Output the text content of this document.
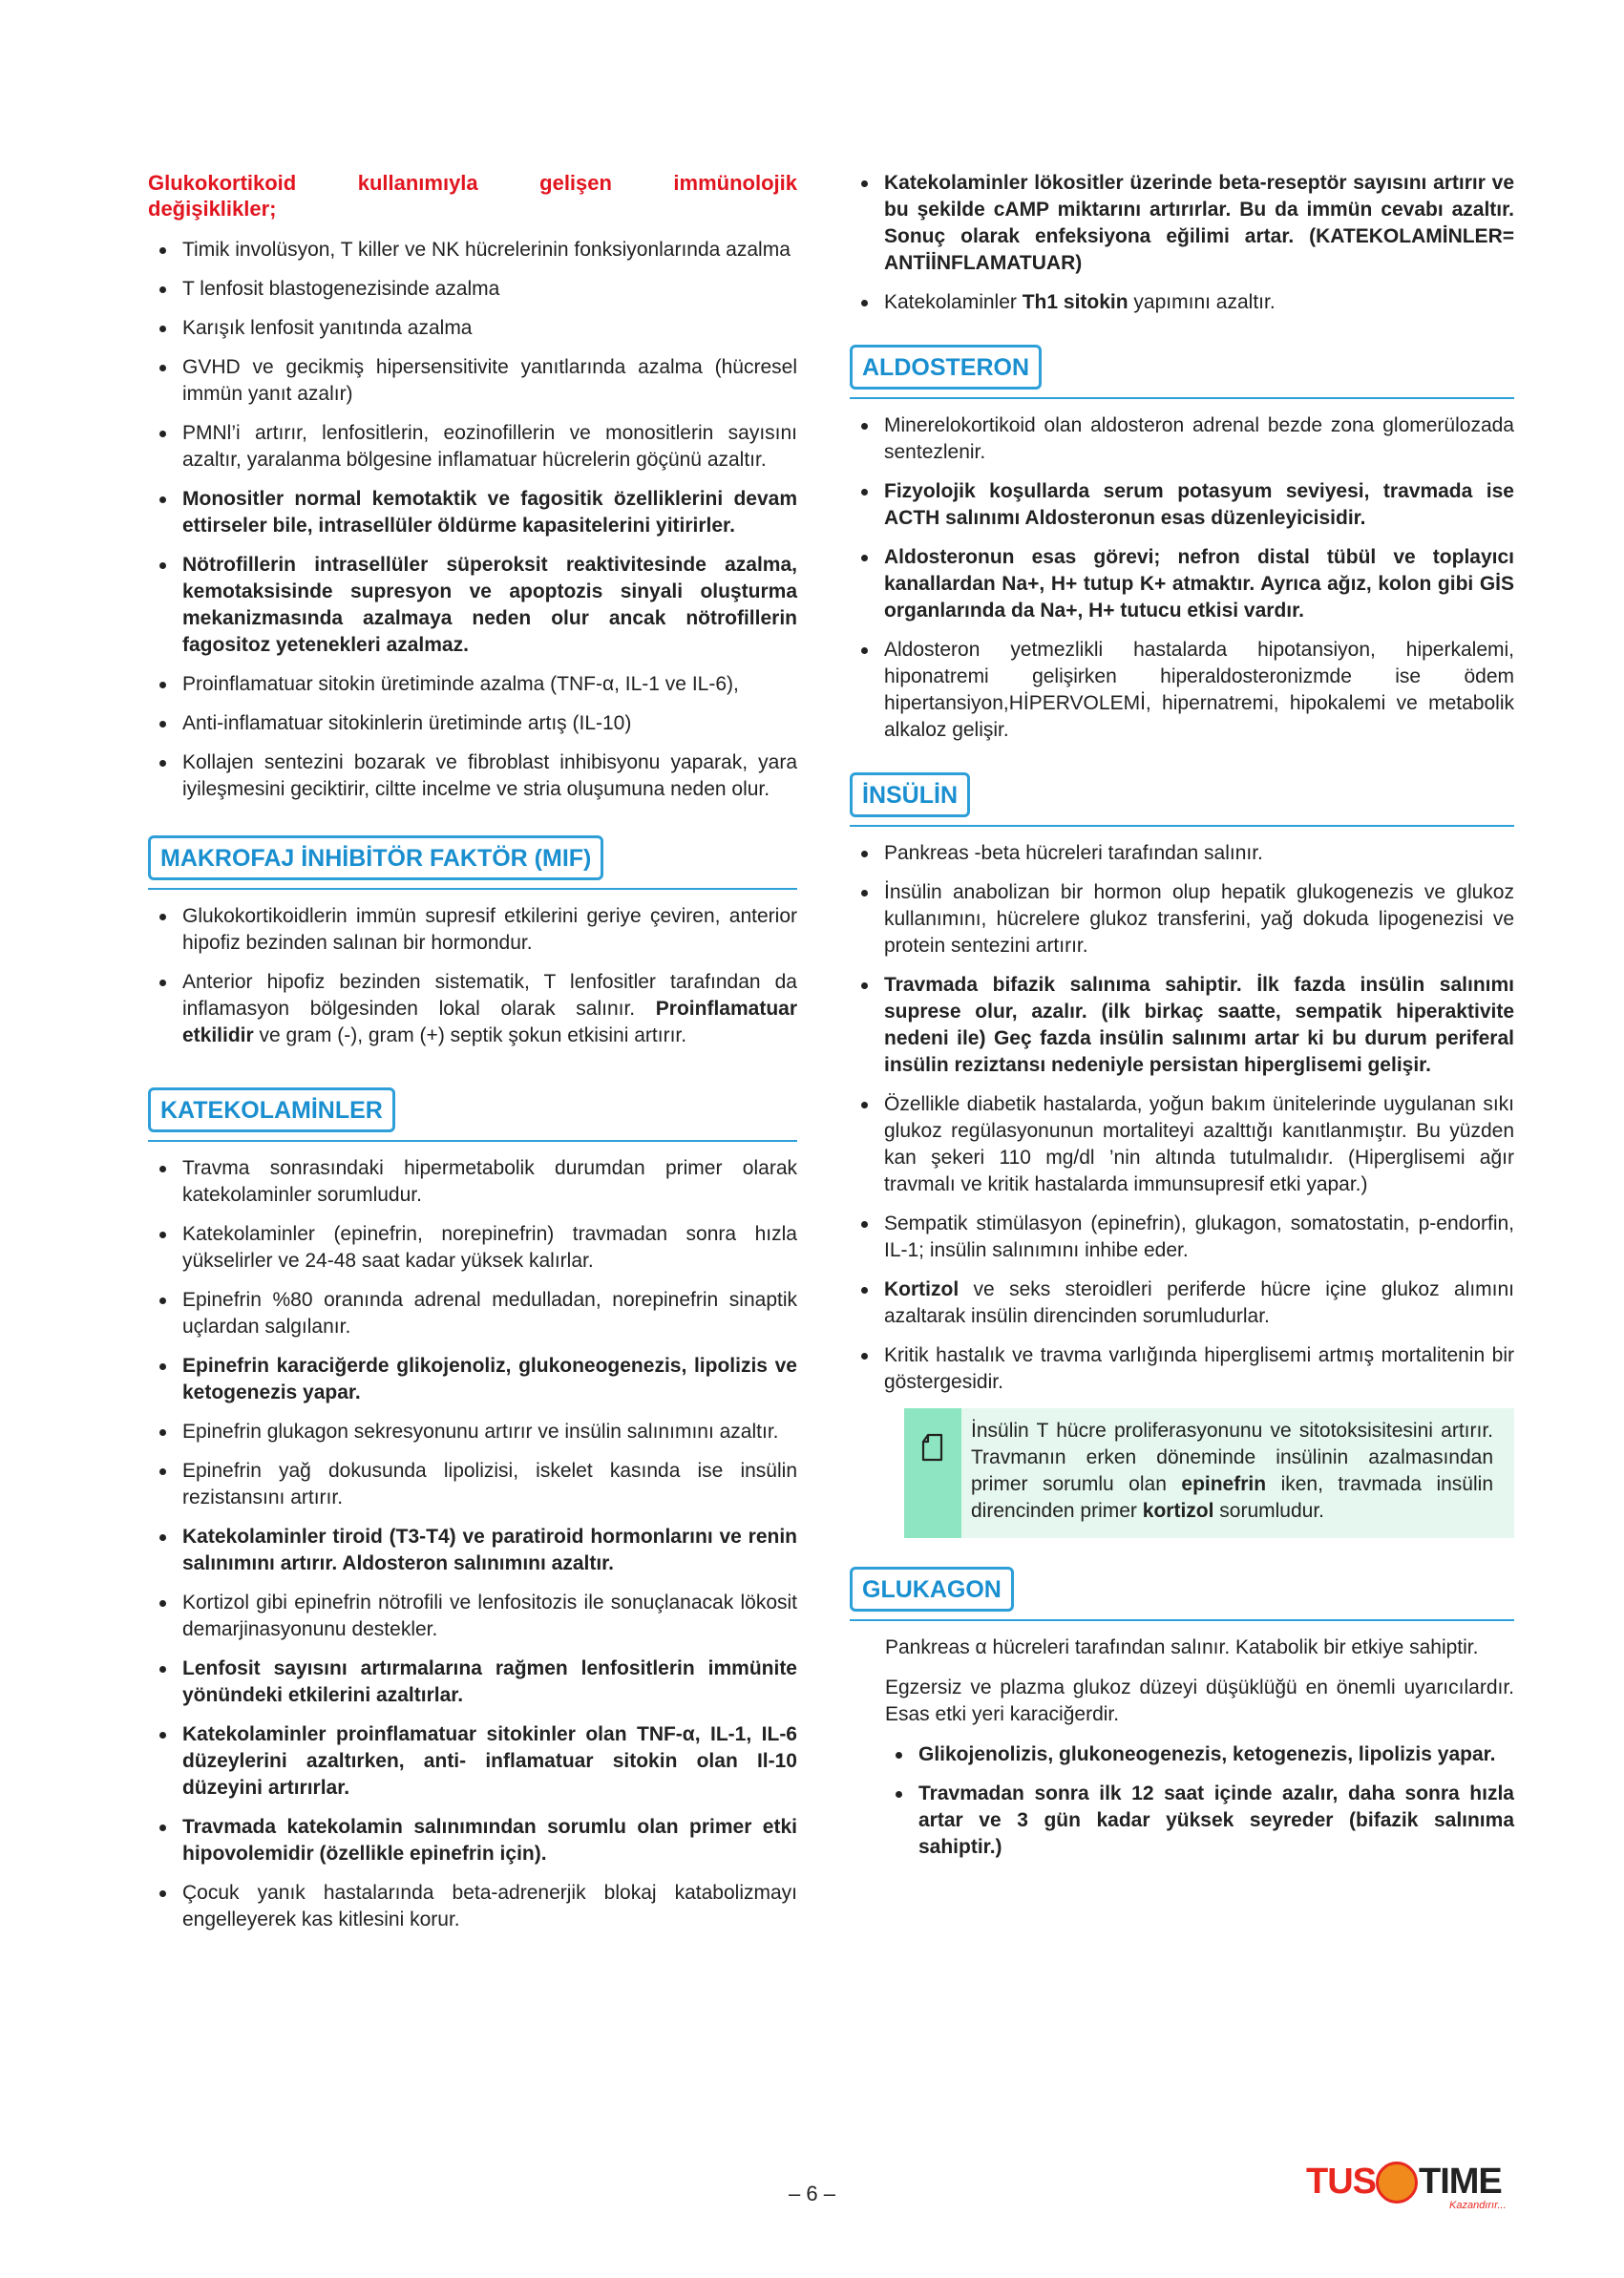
Glukokortikoid kullanımıyla gelişen immünolojik
değişiklikler;
Timik involüsyon, T killer ve NK hücrelerinin fonksiyonlarında azalma
T lenfosit blastogenezisinde azalma
Karışık lenfosit yanıtında azalma
GVHD ve gecikmiş hipersensitivite yanıtlarında azalma (hücresel immün yanıt azalır)
PMNl’i artırır, lenfositlerin, eozinofillerin ve monositlerin sayısını azaltır, yaralanma bölgesine inflamatuar hücrelerin göçünü azaltır.
Monositler normal kemotaktik ve fagositik özelliklerini devam ettirseler bile, intrasellüler öldürme kapasitelerini yitirirler.
Nötrofillerin intrasellüler süperoksit reaktivitesinde azalma, kemotaksisinde supresyon ve apoptozis sinyali oluşturma mekanizmasında azalmaya neden olur ancak nötrofillerin fagositoz yetenekleri azalmaz.
Proinflamatuar sitokin üretiminde azalma (TNF-α, IL-1 ve IL-6),
Anti-inflamatuar sitokinlerin üretiminde artış (IL-10)
Kollajen sentezini bozarak ve fibroblast inhibisyonu yaparak, yara iyileşmesini geciktirir, ciltte incelme ve stria oluşumuna neden olur.
MAKROFAJ İNHİBİTÖR FAKTÖR (MIF)
Glukokortikoidlerin immün supresif etkilerini geriye çeviren, anterior hipofiz bezinden salınan bir hormondur.
Anterior hipofiz bezinden sistematik, T lenfositler tarafından da inflamasyon bölgesinden lokal olarak salınır. Proinflamatuar etkilidir ve gram (-), gram (+) septik şokun etkisini artırır.
KATEKOLAMİNLER
Travma sonrasındaki hipermetabolik durumdan primer olarak katekolaminler sorumludur.
Katekolaminler (epinefrin, norepinefrin) travmadan sonra hızla yükselirler ve 24-48 saat kadar yüksek kalırlar.
Epinefrin %80 oranında adrenal medulladan, norepinefrin sinaptik uçlardan salgılanır.
Epinefrin karaciğerde glikojenoliz, glukoneogenezis, lipolizis ve ketogenezis yapar.
Epinefrin glukagon sekresyonunu artırır ve insülin salınımını azaltır.
Epinefrin yağ dokusunda lipolizisi, iskelet kasında ise insülin rezistansını artırır.
Katekolaminler tiroid (T3-T4) ve paratiroid hormonlarını ve renin salınımını artırır. Aldosteron salınımını azaltır.
Kortizol gibi epinefrin nötrofili ve lenfositozis ile sonuçlanacak lökosit demarjinasyonunu destekler.
Lenfosit sayısını artırmalarına rağmen lenfositlerin immünite yönündeki etkilerini azaltırlar.
Katekolaminler proinflamatuar sitokinler olan TNF-α, IL-1, IL-6 düzeylerini azaltırken, anti- inflamatuar sitokin olan Il-10 düzeyini artırırlar.
Travmada katekolamin salınımından sorumlu olan primer etki hipovolemidir (özellikle epinefrin için).
Çocuk yanık hastalarında beta-adrenerjik blokaj katabolizmayı engelleyerek kas kitlesini korur.
Katekolaminler lökositler üzerinde beta-reseptör sayısını artırır ve bu şekilde cAMP miktarını artırırlar. Bu da immün cevabı azaltır. Sonuç olarak enfeksiyona eğilimi artar. (KATEKOLAMİNLER= ANTİİNFLAMATUAR)
Katekolaminler Th1 sitokin yapımını azaltır.
ALDOSTERON
Minerelokortikoid olan aldosteron adrenal bezde zona glomerülozada sentezlenir.
Fizyolojik koşullarda serum potasyum seviyesi, travmada ise ACTH salınımı Aldosteronun esas düzenleyicisidir.
Aldosteronun esas görevi; nefron distal tübül ve toplayıcı kanallardan Na+, H+ tutup K+ atmaktır. Ayrıca ağız, kolon gibi GİS organlarında da Na+, H+ tutucu etkisi vardır.
Aldosteron yetmezlikli hastalarda hipotansiyon, hiperkalemi, hiponatremi gelişirken hiperaldosteronizmde ise ödem hipertansiyon,HİPERVOLEMİ, hipernatremi, hipokalemi ve metabolik alkaloz gelişir.
İNSÜLİN
Pankreas -beta hücreleri tarafından salınır.
İnsülin anabolizan bir hormon olup hepatik glukogenezis ve glukoz kullanımını, hücrelere glukoz transferini, yağ dokuda lipogenezisi ve protein sentezini artırır.
Travmada bifazik salınıma sahiptir. İlk fazda insülin salınımı suprese olur, azalır. (ilk birkaç saatte, sempatik hiperaktivite nedeni ile) Geç fazda insülin salınımı artar ki bu durum periferal insülin reziztansı nedeniyle persistan hiperglisemi gelişir.
Özellikle diabetik hastalarda, yoğun bakım ünitelerinde uygulanan sıkı glukoz regülasyonunun mortaliteyi azalttığı kanıtlanmıştır. Bu yüzden kan şekeri 110 mg/dl ’nin altında tutulmalıdır. (Hiperglisemi ağır travmalı ve kritik hastalarda immunsupresif etki yapar.)
Sempatik stimülasyon (epinefrin), glukagon, somatostatin, p-endorfin, IL-1; insülin salınımını inhibe eder.
Kortizol ve seks steroidleri periferde hücre içine glukoz alımını azaltarak insülin direncinden sorumludurlar.
Kritik hastalık ve travma varlığında hiperglisemi artmış mortalitenin bir göstergesidir.
İnsülin T hücre proliferasyonunu ve sitotoksisitesini artırır. Travmanın erken döneminde insülinin azalmasından primer sorumlu olan epinefrin iken, travmada insülin direncinden primer kortizol sorumludur.
GLUKAGON

Pankreas α hücreleri tarafından salınır. Katabolik bir etkiye sahiptir.

Egzersiz ve plazma glukoz düzeyi düşüklüğü en önemli uyarıcılardır. Esas etki yeri karaciğerdir.

Glikojenolizis, glukoneogenezis, ketogenezis, lipolizis yapar.
Travmadan sonra ilk 12 saat içinde azalır, daha sonra hızla artar ve 3 gün kadar yüksek seyreder (bifazik salınıma sahiptir.)
– 6 –	TUS TIME
Kazandırır...
